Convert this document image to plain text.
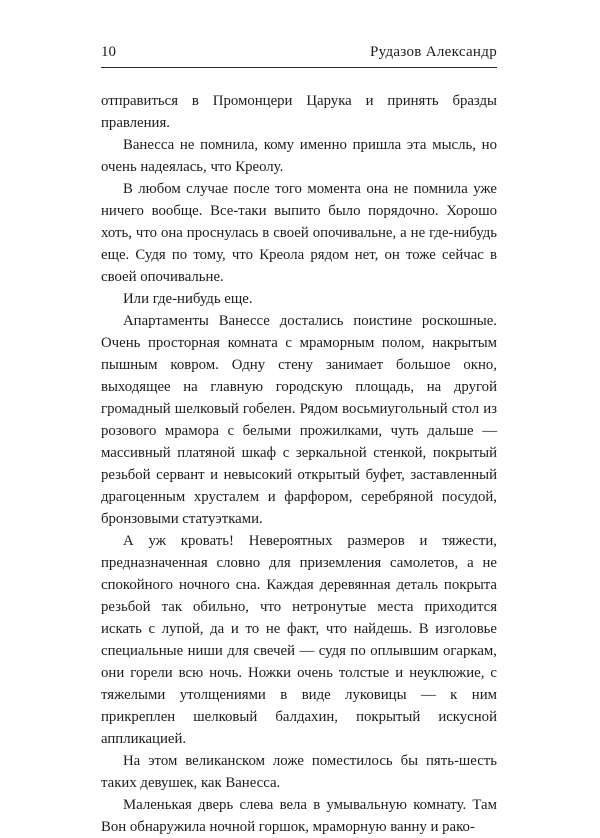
10	Рудазов Александр

отправиться в Промонцери Царука и принять бразды правления.

Ванесса не помнила, кому именно пришла эта мысль, но очень надеялась, что Креолу.

В любом случае после того момента она не помнила уже ничего вообще. Все-таки выпито было порядочно. Хорошо хоть, что она проснулась в своей опочивальне, а не где-нибудь еще. Судя по тому, что Креола рядом нет, он тоже сейчас в своей опочивальне.

Или где-нибудь еще.

Апартаменты Ванессе достались поистине роскошные. Очень просторная комната с мраморным полом, накрытым пышным ковром. Одну стену занимает большое окно, выходящее на главную городскую площадь, на другой громадный шелковый гобелен. Рядом восьмиугольный стол из розового мрамора с белыми прожилками, чуть дальше — массивный платяной шкаф с зеркальной стенкой, покрытый резьбой сервант и невысокий открытый буфет, заставленный драгоценным хрусталем и фарфором, серебряной посудой, бронзовыми статуэтками.

А уж кровать! Невероятных размеров и тяжести, предназначенная словно для приземления самолетов, а не спокойного ночного сна. Каждая деревянная деталь покрыта резьбой так обильно, что нетронутые места приходится искать с лупой, да и то не факт, что найдешь. В изголовье специальные ниши для свечей — судя по оплывшим огаркам, они горели всю ночь. Ножки очень толстые и неуклюжие, с тяжелыми утолщениями в виде луковицы — к ним прикреплен шелковый балдахин, покрытый искусной аппликацией.

На этом великанском ложе поместилось бы пять-шесть таких девушек, как Ванесса.

Маленькая дверь слева вела в умывальную комнату. Там Вон обнаружила ночной горшок, мраморную ванну и рако-
